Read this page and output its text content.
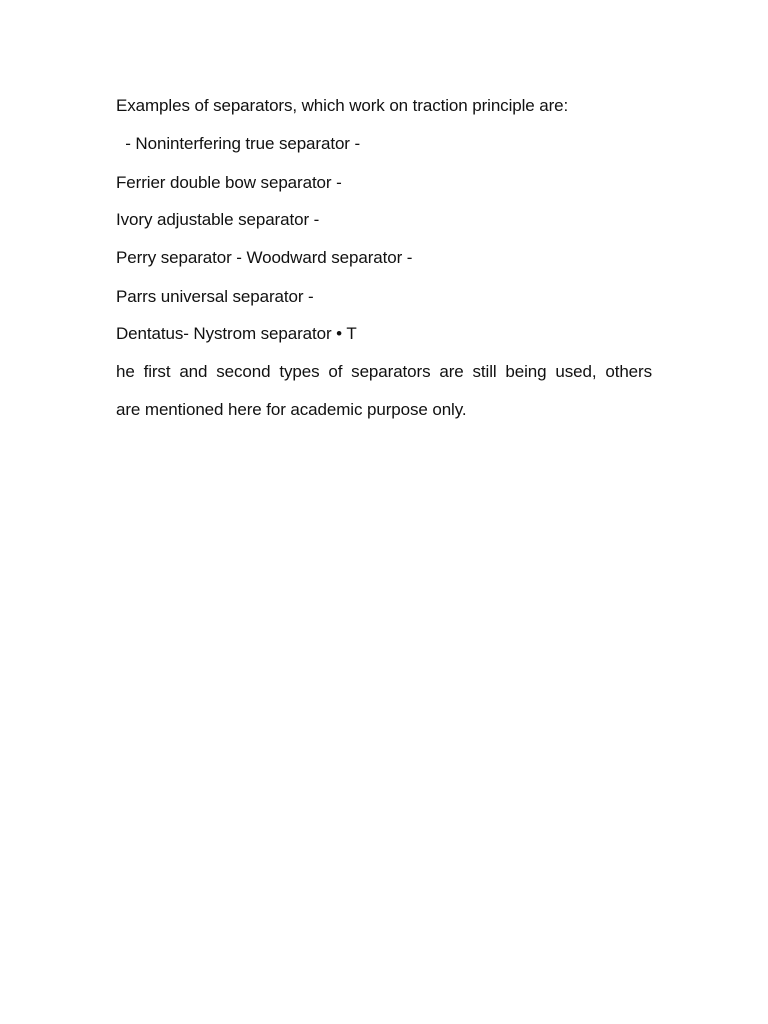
Examples of separators, which work on traction principle are:
- Noninterfering true separator -
Ferrier double bow separator -
Ivory adjustable separator -
Perry separator - Woodward separator -
Parrs universal separator -
Dentatus- Nystrom separator • T
he first and second types of separators are still being used, others
are mentioned here for academic purpose only.
